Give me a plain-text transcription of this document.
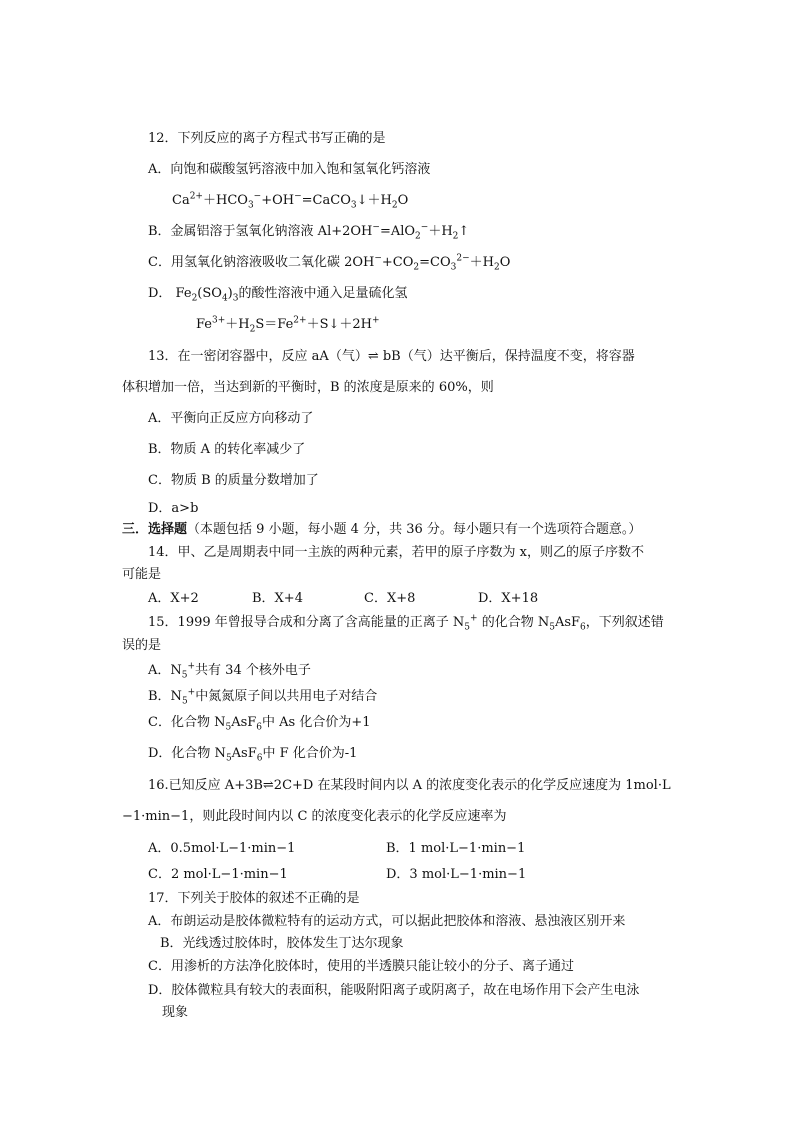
12．下列反应的离子方程式书写正确的是
A．向饱和碳酸氢钙溶液中加入饱和氢氧化钙溶液
$Ca^{2+}+HCO_3^-+OH^-=CaCO_3↓+H_2O$
B．金属铝溶于氢氧化钠溶液 $Al+2OH^-=AlO_2^-+H_2↑$
C．用氢氧化钠溶液吸收二氧化碳 $2OH^-+CO_2=CO_3^{2-}+H_2O$
D． $Fe_2(SO_4)_3$的酸性溶液中通入足量硫化氢
$Fe^{3+}+H_2S=Fe^{2+}+S↓+2H^+$
13．在一密闭容器中，反应 aA（气）⇌ bB（气）达平衡后，保持温度不变，将容器
体积增加一倍，当达到新的平衡时，B 的浓度是原来的 60%，则
A．平衡向正反应方向移动了
B．物质 A 的转化率减少了
C．物质 B 的质量分数增加了
D．a>b
三．选择题（本题包括 9 小题，每小题 4 分，共 36 分。每小题只有一个选项符合题意。）
14．甲、乙是周期表中同一主族的两种元素，若甲的原子序数为 x，则乙的原子序数不
可能是
A．X+2	B．X+4	C．X+8	D．X+18
15．1999 年曾报导合成和分离了含高能量的正离子 $N_5^+$ 的化合物 $N_5AsF_6$，下列叙述错
误的是
A．$N_5^+$共有 34 个核外电子
B．$N_5^+$中氮氮原子间以共用电子对结合
C．化合物 $N_5AsF_6$中 As 化合价为+1
D．化合物 $N_5AsF_6$中 F 化合价为-1
16.已知反应 A+3B⇌2C+D 在某段时间内以 A 的浓度变化表示的化学反应速度为 1mol·L
−1·min−1，则此段时间内以 C 的浓度变化表示的化学反应速率为
A．0.5mol·L−1·min−1	B．1 mol·L−1·min−1
C．2 mol·L−1·min−1	D．3 mol·L−1·min−1
17．下列关于胶体的叙述不正确的是
A．布朗运动是胶体微粒特有的运动方式，可以据此把胶体和溶液、悬浊液区别开来
B．光线透过胶体时，胶体发生丁达尔现象
C．用渗析的方法净化胶体时，使用的半透膜只能让较小的分子、离子通过
D．胶体微粒具有较大的表面积，能吸附阳离子或阴离子，故在电场作用下会产生电泳
现象
